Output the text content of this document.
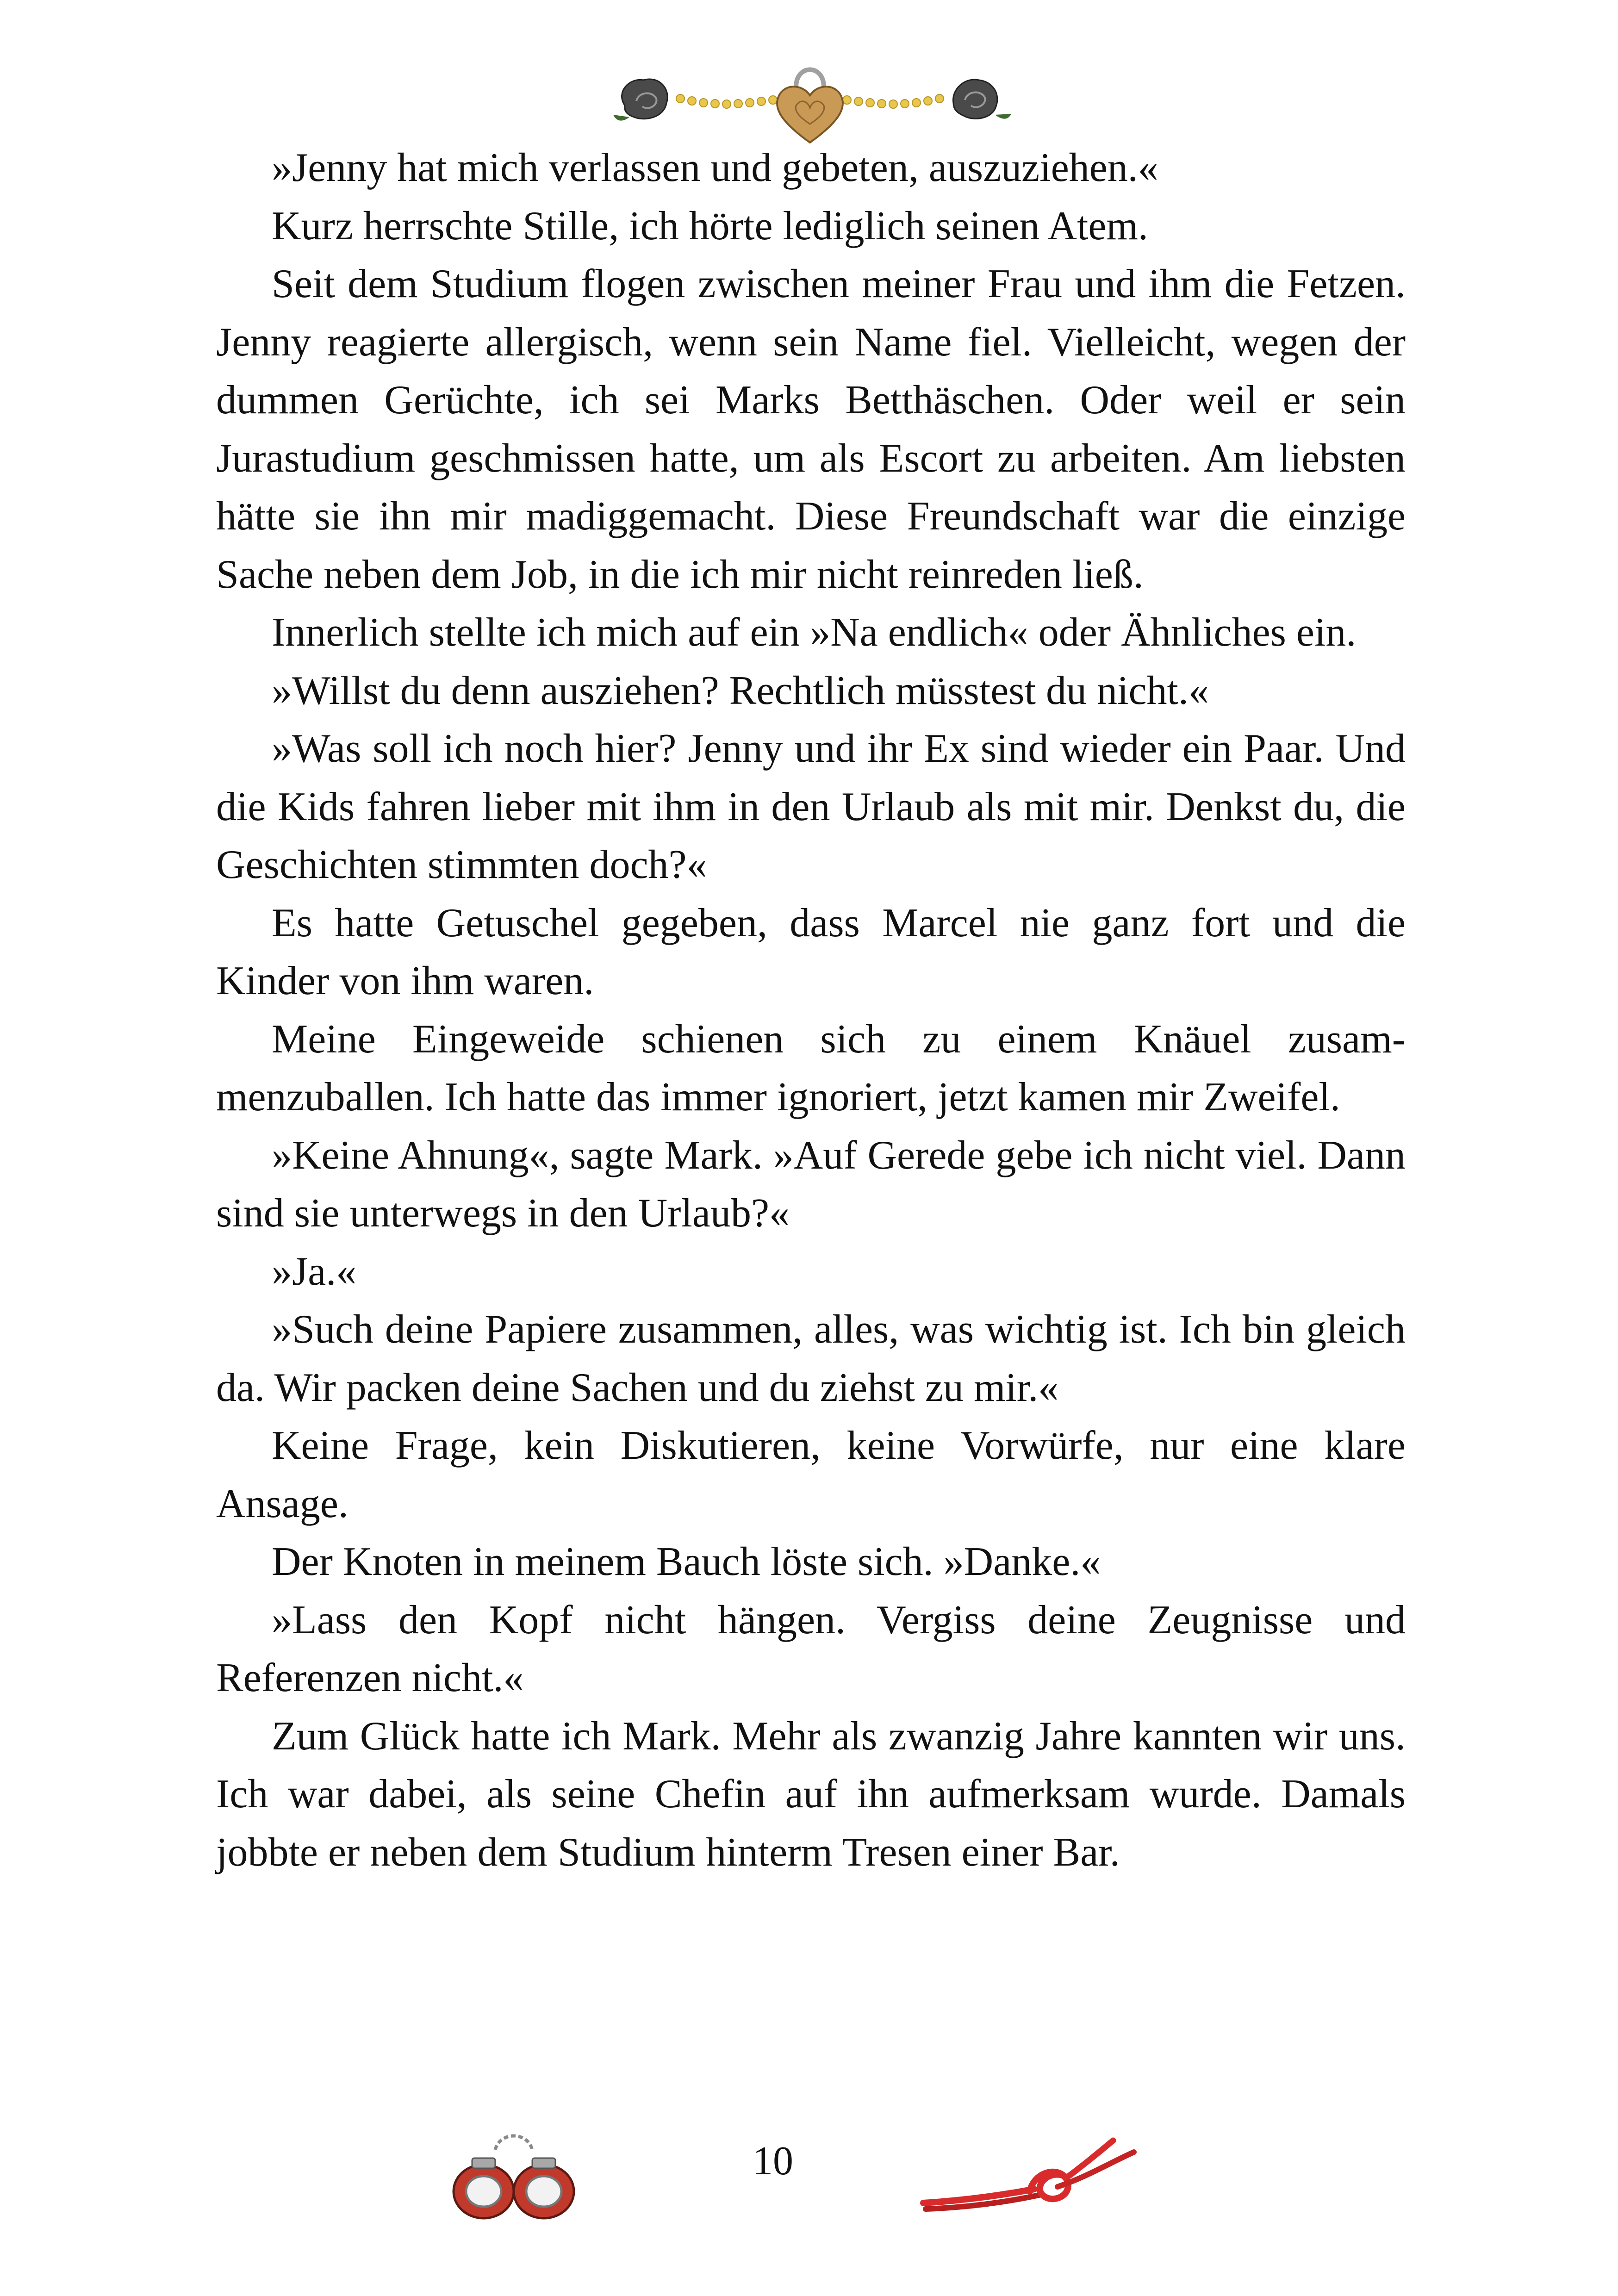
»Jenny hat mich verlassen und gebeten, auszuziehen.«

Kurz herrschte Stille, ich hörte lediglich seinen Atem.

Seit dem Studium flogen zwischen meiner Frau und ihm die Fetzen. Jenny reagierte allergisch, wenn sein Name fiel. Vielleicht, wegen der dummen Gerüchte, ich sei Marks Betthäschen. Oder weil er sein Jurastudium geschmissen hatte, um als Escort zu arbeiten. Am liebsten hätte sie ihn mir madiggemacht. Diese Freundschaft war die einzige Sache neben dem Job, in die ich mir nicht reinreden ließ.

Innerlich stellte ich mich auf ein »Na endlich« oder Ähnliches ein.

»Willst du denn ausziehen? Rechtlich müsstest du nicht.«

»Was soll ich noch hier? Jenny und ihr Ex sind wieder ein Paar. Und die Kids fahren lieber mit ihm in den Urlaub als mit mir. Denkst du, die Geschichten stimmten doch?«

Es hatte Getuschel gegeben, dass Marcel nie ganz fort und die Kinder von ihm waren.

Meine Eingeweide schienen sich zu einem Knäuel zusammenzuballen. Ich hatte das immer ignoriert, jetzt kamen mir Zweifel.

»Keine Ahnung«, sagte Mark. »Auf Gerede gebe ich nicht viel. Dann sind sie unterwegs in den Urlaub?«

»Ja.«

»Such deine Papiere zusammen, alles, was wichtig ist. Ich bin gleich da. Wir packen deine Sachen und du ziehst zu mir.«

Keine Frage, kein Diskutieren, keine Vorwürfe, nur eine klare Ansage.

Der Knoten in meinem Bauch löste sich. »Danke.«

»Lass den Kopf nicht hängen. Vergiss deine Zeugnisse und Referenzen nicht.«

Zum Glück hatte ich Mark. Mehr als zwanzig Jahre kannten wir uns. Ich war dabei, als seine Chefin auf ihn aufmerksam wurde. Damals jobbte er neben dem Studium hinterm Tresen einer Bar.

10
